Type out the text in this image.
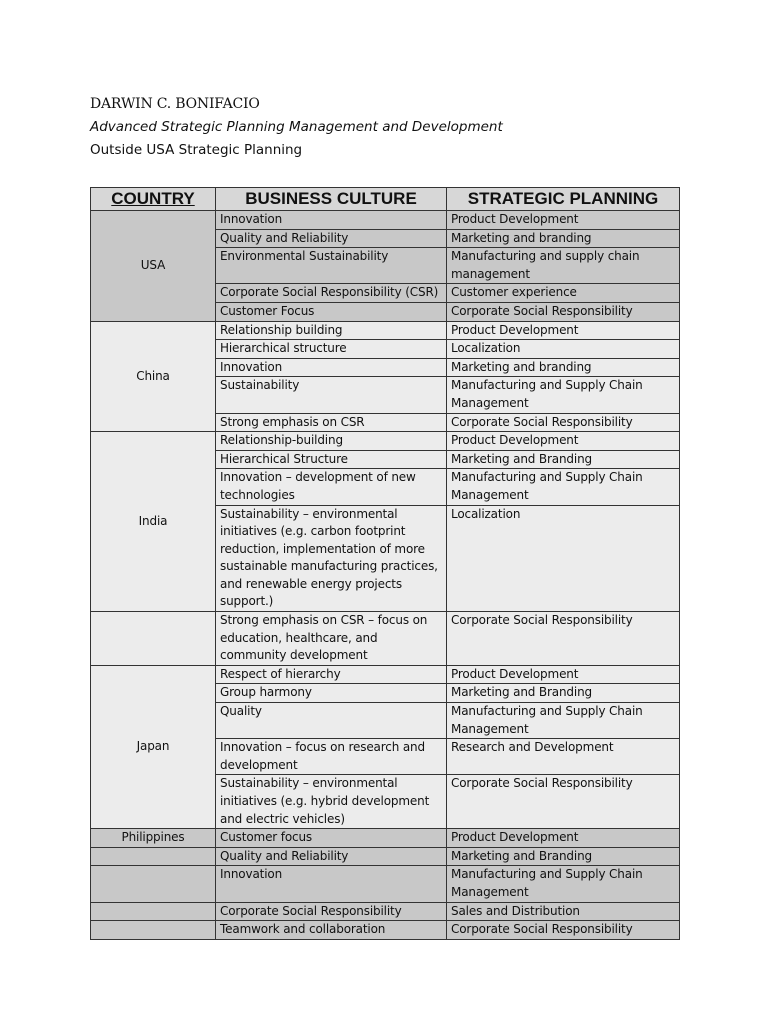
DARWIN C. BONIFACIO
Advanced Strategic Planning Management and Development
Outside USA Strategic Planning
COUNTRY	BUSINESS CULTURE	STRATEGIC PLANNING
USA	Innovation	Product Development
	Quality and Reliability	Marketing and branding
	Environmental Sustainability	Manufacturing and supply chain management
	Corporate Social Responsibility (CSR)	Customer experience
	Customer Focus	Corporate Social Responsibility
China	Relationship building	Product Development
	Hierarchical structure	Localization
	Innovation	Marketing and branding
	Sustainability	Manufacturing and Supply Chain Management
	Strong emphasis on CSR	Corporate Social Responsibility
India	Relationship-building	Product Development
	Hierarchical Structure	Marketing and Branding
	Innovation – development of new technologies	Manufacturing and Supply Chain Management
	Sustainability – environmental initiatives (e.g. carbon footprint reduction, implementation of more sustainable manufacturing practices, and renewable energy projects support.)	Localization
	Strong emphasis on CSR – focus on education, healthcare, and community development	Corporate Social Responsibility
Japan	Respect of hierarchy	Product Development
	Group harmony	Marketing and Branding
	Quality	Manufacturing and Supply Chain Management
	Innovation – focus on research and development	Research and Development
	Sustainability – environmental initiatives (e.g. hybrid development and electric vehicles)	Corporate Social Responsibility
Philippines	Customer focus	Product Development
	Quality and Reliability	Marketing and Branding
	Innovation	Manufacturing and Supply Chain Management
	Corporate Social Responsibility	Sales and Distribution
	Teamwork and collaboration	Corporate Social Responsibility
